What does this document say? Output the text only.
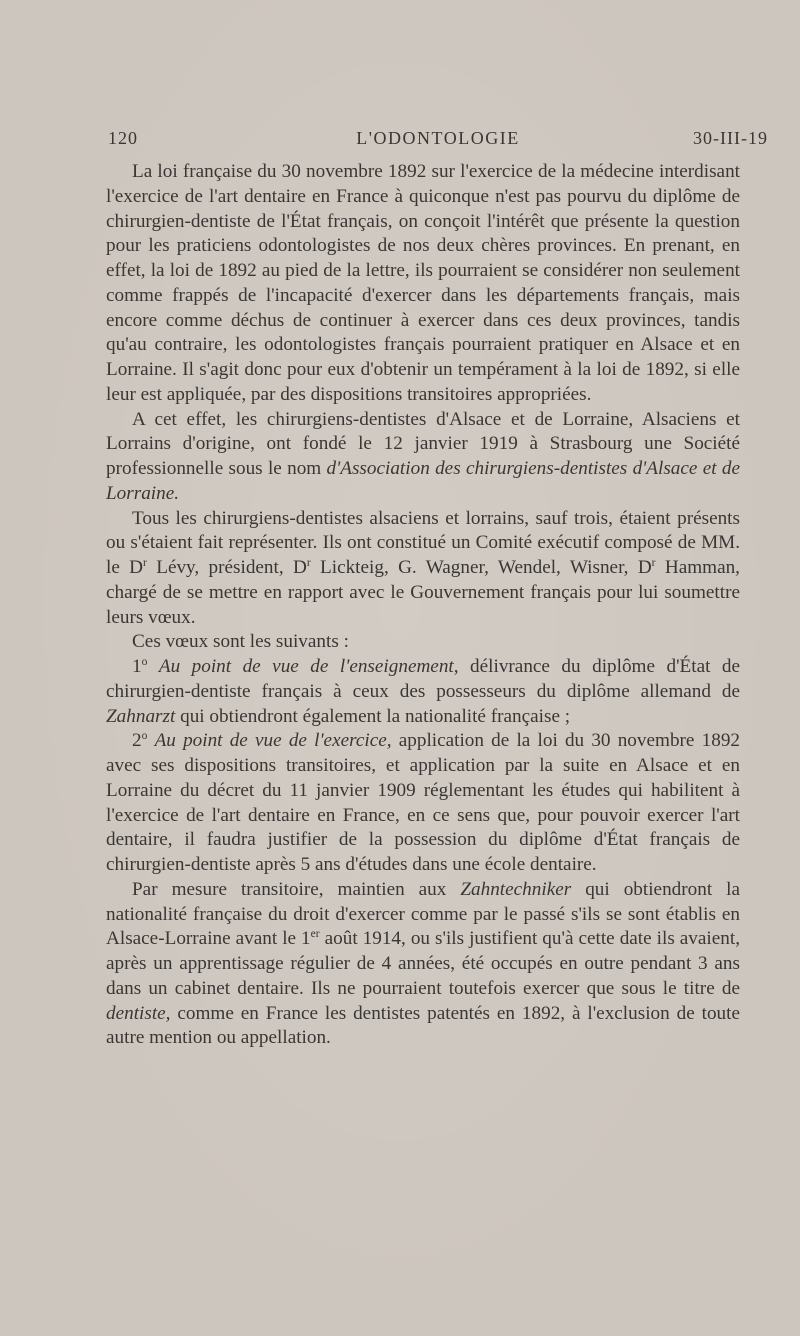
120	L'ODONTOLOGIE	30-III-19

La loi française du 30 novembre 1892 sur l'exercice de la médecine interdisant l'exercice de l'art dentaire en France à quiconque n'est pas pourvu du diplôme de chirurgien-dentiste de l'État français, on conçoit l'intérêt que présente la question pour les praticiens odontologistes de nos deux chères provinces. En prenant, en effet, la loi de 1892 au pied de la lettre, ils pourraient se considérer non seulement comme frappés de l'incapacité d'exercer dans les départements français, mais encore comme déchus de continuer à exercer dans ces deux provinces, tandis qu'au contraire, les odontologistes français pourraient pratiquer en Alsace et en Lorraine. Il s'agit donc pour eux d'obtenir un tempérament à la loi de 1892, si elle leur est appliquée, par des dispositions transitoires appropriées.

A cet effet, les chirurgiens-dentistes d'Alsace et de Lorraine, Alsaciens et Lorrains d'origine, ont fondé le 12 janvier 1919 à Strasbourg une Société professionnelle sous le nom d'Association des chirurgiens-dentistes d'Alsace et de Lorraine.

Tous les chirurgiens-dentistes alsaciens et lorrains, sauf trois, étaient présents ou s'étaient fait représenter. Ils ont constitué un Comité exécutif composé de MM. le $D^r$ Lévy, président, $D^r$ Lickteig, G. Wagner, Wendel, Wisner, $D^r$ Hamman, chargé de se mettre en rapport avec le Gouvernement français pour lui soumettre leurs vœux.

Ces vœux sont les suivants :

1$^o$ Au point de vue de l'enseignement, délivrance du diplôme d'État de chirurgien-dentiste français à ceux des possesseurs du diplôme allemand de Zahnarzt qui obtiendront également la nationalité française ;

2$^o$ Au point de vue de l'exercice, application de la loi du 30 novembre 1892 avec ses dispositions transitoires, et application par la suite en Alsace et en Lorraine du décret du 11 janvier 1909 réglementant les études qui habilitent à l'exercice de l'art dentaire en France, en ce sens que, pour pouvoir exercer l'art dentaire, il faudra justifier de la possession du diplôme d'État français de chirurgien-dentiste après 5 ans d'études dans une école dentaire.

Par mesure transitoire, maintien aux Zahntechniker qui obtiendront la nationalité française du droit d'exercer comme par le passé s'ils se sont établis en Alsace-Lorraine avant le 1er août 1914, ou s'ils justifient qu'à cette date ils avaient, après un apprentissage régulier de 4 années, été occupés en outre pendant 3 ans dans un cabinet dentaire. Ils ne pourraient toutefois exercer que sous le titre de dentiste, comme en France les dentistes patentés en 1892, à l'exclusion de toute autre mention ou appellation.
